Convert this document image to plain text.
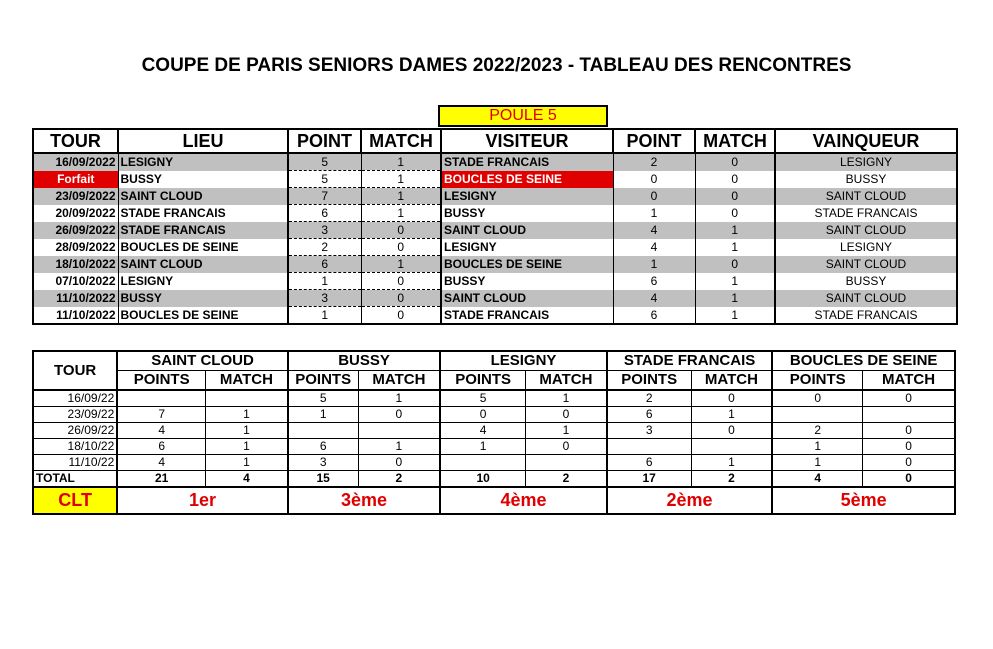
COUPE DE PARIS SENIORS DAMES 2022/2023 - TABLEAU DES RENCONTRES
POULE 5
TOUR	LIEU	POINT	MATCH	VISITEUR	POINT	MATCH	VAINQUEUR
16/09/2022	LESIGNY	5	1	STADE FRANCAIS	2	0	LESIGNY
Forfait	BUSSY	5	1	BOUCLES DE SEINE	0	0	BUSSY
23/09/2022	SAINT CLOUD	7	1	LESIGNY	0	0	SAINT CLOUD
20/09/2022	STADE FRANCAIS	6	1	BUSSY	1	0	STADE FRANCAIS
26/09/2022	STADE FRANCAIS	3	0	SAINT CLOUD	4	1	SAINT CLOUD
28/09/2022	BOUCLES DE SEINE	2	0	LESIGNY	4	1	LESIGNY
18/10/2022	SAINT CLOUD	6	1	BOUCLES DE SEINE	1	0	SAINT CLOUD
07/10/2022	LESIGNY	1	0	BUSSY	6	1	BUSSY
11/10/2022	BUSSY	3	0	SAINT CLOUD	4	1	SAINT CLOUD
11/10/2022	BOUCLES DE SEINE	1	0	STADE FRANCAIS	6	1	STADE FRANCAIS
TOUR	SAINT CLOUD		BUSSY		LESIGNY		STADE FRANCAIS		BOUCLES DE SEINE	
	POINTS	MATCH	POINTS	MATCH	POINTS	MATCH	POINTS	MATCH	POINTS	MATCH
16/09/22			5	1	5	1	2	0	0	0
23/09/22	7	1	1	0	0	0	6	1		
26/09/22	4	1			4	1	3	0	2	0
18/10/22	6	1	6	1	1	0			1	0
11/10/22	4	1	3	0			6	1	1	0
TOTAL	21	4	15	2	10	2	17	2	4	0
CLT	1er		3ème		4ème		2ème		5ème	
